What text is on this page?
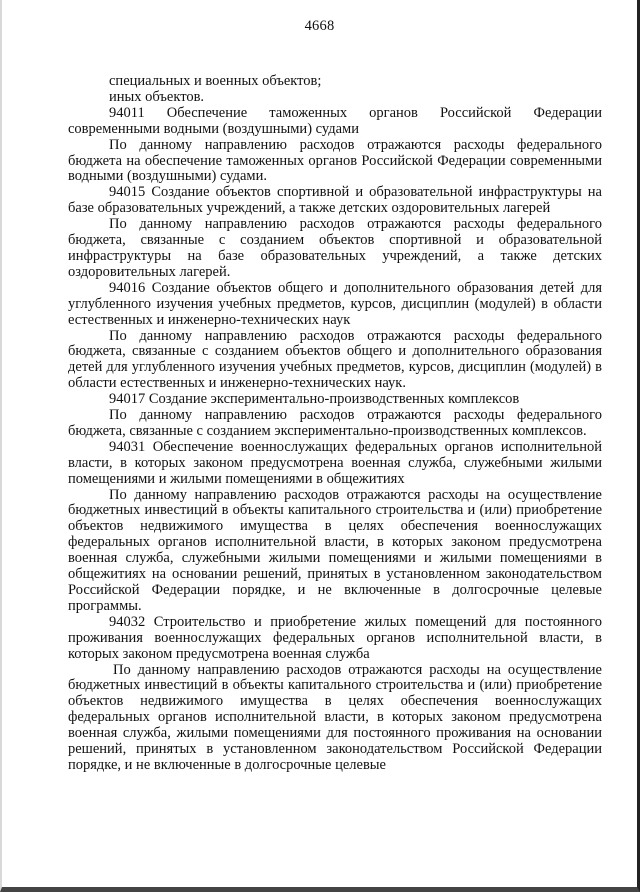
4668

специальных и военных объектов;

иных объектов.

94011 Обеспечение таможенных органов Российской Федерации современными водными (воздушными) судами

По данному направлению расходов отражаются расходы федерального бюджета на обеспечение таможенных органов Российской Федерации современными водными (воздушными) судами.

94015 Создание объектов спортивной и образовательной инфраструктуры на базе образовательных учреждений, а также детских оздоровительных лагерей

По данному направлению расходов отражаются расходы федерального бюджета, связанные с созданием объектов спортивной и образовательной инфраструктуры на базе образовательных учреждений, а также детских оздоровительных лагерей.

94016 Создание объектов общего и дополнительного образования детей для углубленного изучения учебных предметов, курсов, дисциплин (модулей) в области естественных и инженерно-технических наук

По данному направлению расходов отражаются расходы федерального бюджета, связанные с созданием объектов общего и дополнительного образования детей для углубленного изучения учебных предметов, курсов, дисциплин (модулей) в области естественных и инженерно-технических наук.

94017 Создание экспериментально-производственных комплексов

По данному направлению расходов отражаются расходы федерального бюджета, связанные с созданием экспериментально-производственных комплексов.

94031 Обеспечение военнослужащих федеральных органов исполнительной власти, в которых законом предусмотрена военная служба, служебными жилыми помещениями и жилыми помещениями в общежитиях

По данному направлению расходов отражаются расходы на осуществление бюджетных инвестиций в объекты капитального строительства и (или) приобретение объектов недвижимого имущества в целях обеспечения военнослужащих федеральных органов исполнительной власти, в которых законом предусмотрена военная служба, служебными жилыми помещениями и жилыми помещениями в общежитиях на основании решений, принятых в установленном законодательством Российской Федерации порядке, и не включенные в долгосрочные целевые программы.

94032 Строительство и приобретение жилых помещений для постоянного проживания военнослужащих федеральных органов исполнительной власти, в которых законом предусмотрена военная служба

По данному направлению расходов отражаются расходы на осуществление бюджетных инвестиций в объекты капитального строительства и (или) приобретение объектов недвижимого имущества в целях обеспечения военнослужащих федеральных органов исполнительной власти, в которых законом предусмотрена военная служба, жилыми помещениями для постоянного проживания на основании решений, принятых в установленном законодательством Российской Федерации порядке, и не включенные в долгосрочные целевые
